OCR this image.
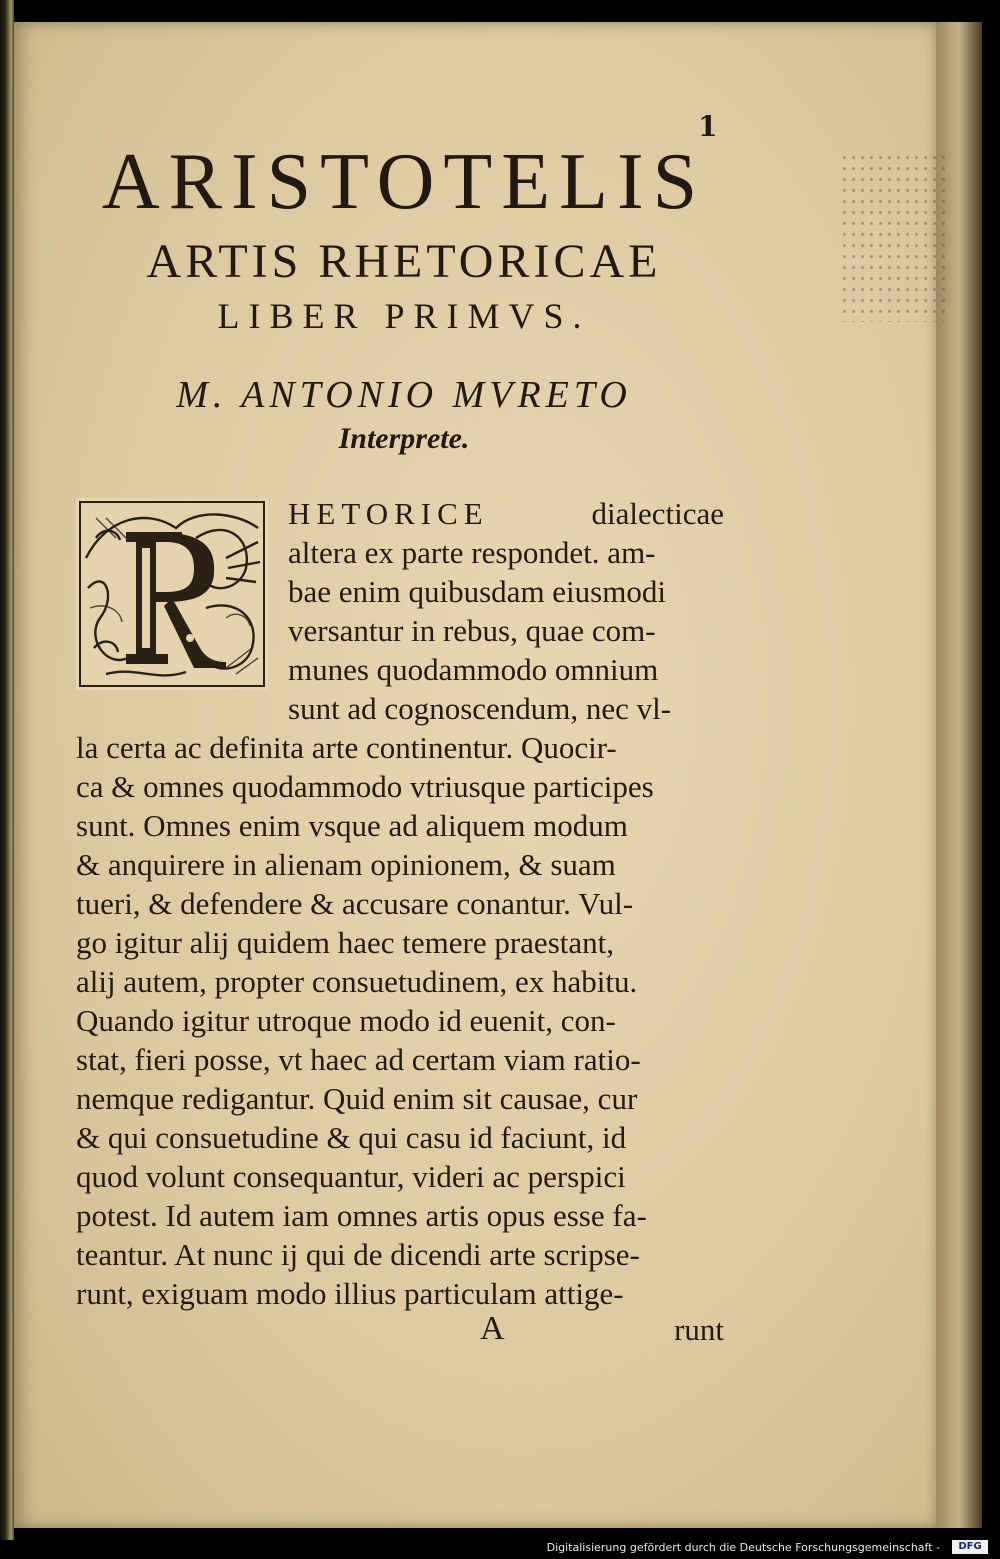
1
ARISTOTELIS
ARTIS RHETORICAE
LIBER PRIMVS.
M. ANTONIO MVRETO
Interprete.
HETORICE	dialecticae
altera ex parte respondet. am-
bae enim quibusdam eiusmodi
versantur in rebus, quae com-
munes quodammodo omnium
sunt ad cognoscendum, nec vl-
la certa ac definita arte continentur. Quocir-
ca & omnes quodammodo vtriusque participes
sunt. Omnes enim vsque ad aliquem modum
& anquirere in alienam opinionem, & suam
tueri, & defendere & accusare conantur. Vul-
go igitur alij quidem haec temere praestant,
alij autem, propter consuetudinem, ex habitu.
Quando igitur utroque modo id euenit, con-
stat, fieri posse, vt haec ad certam viam ratio-
nemque redigantur. Quid enim sit causae, cur
& qui consuetudine & qui casu id faciunt, id
quod volunt consequantur, videri ac perspici
potest. Id autem iam omnes artis opus esse fa-
teantur. At nunc ij qui de dicendi arte scripse-
runt, exiguam modo illius particulam attige-
A	runt
Digitalisierung gefördert durch die Deutsche Forschungsgemeinschaft -	DFG
